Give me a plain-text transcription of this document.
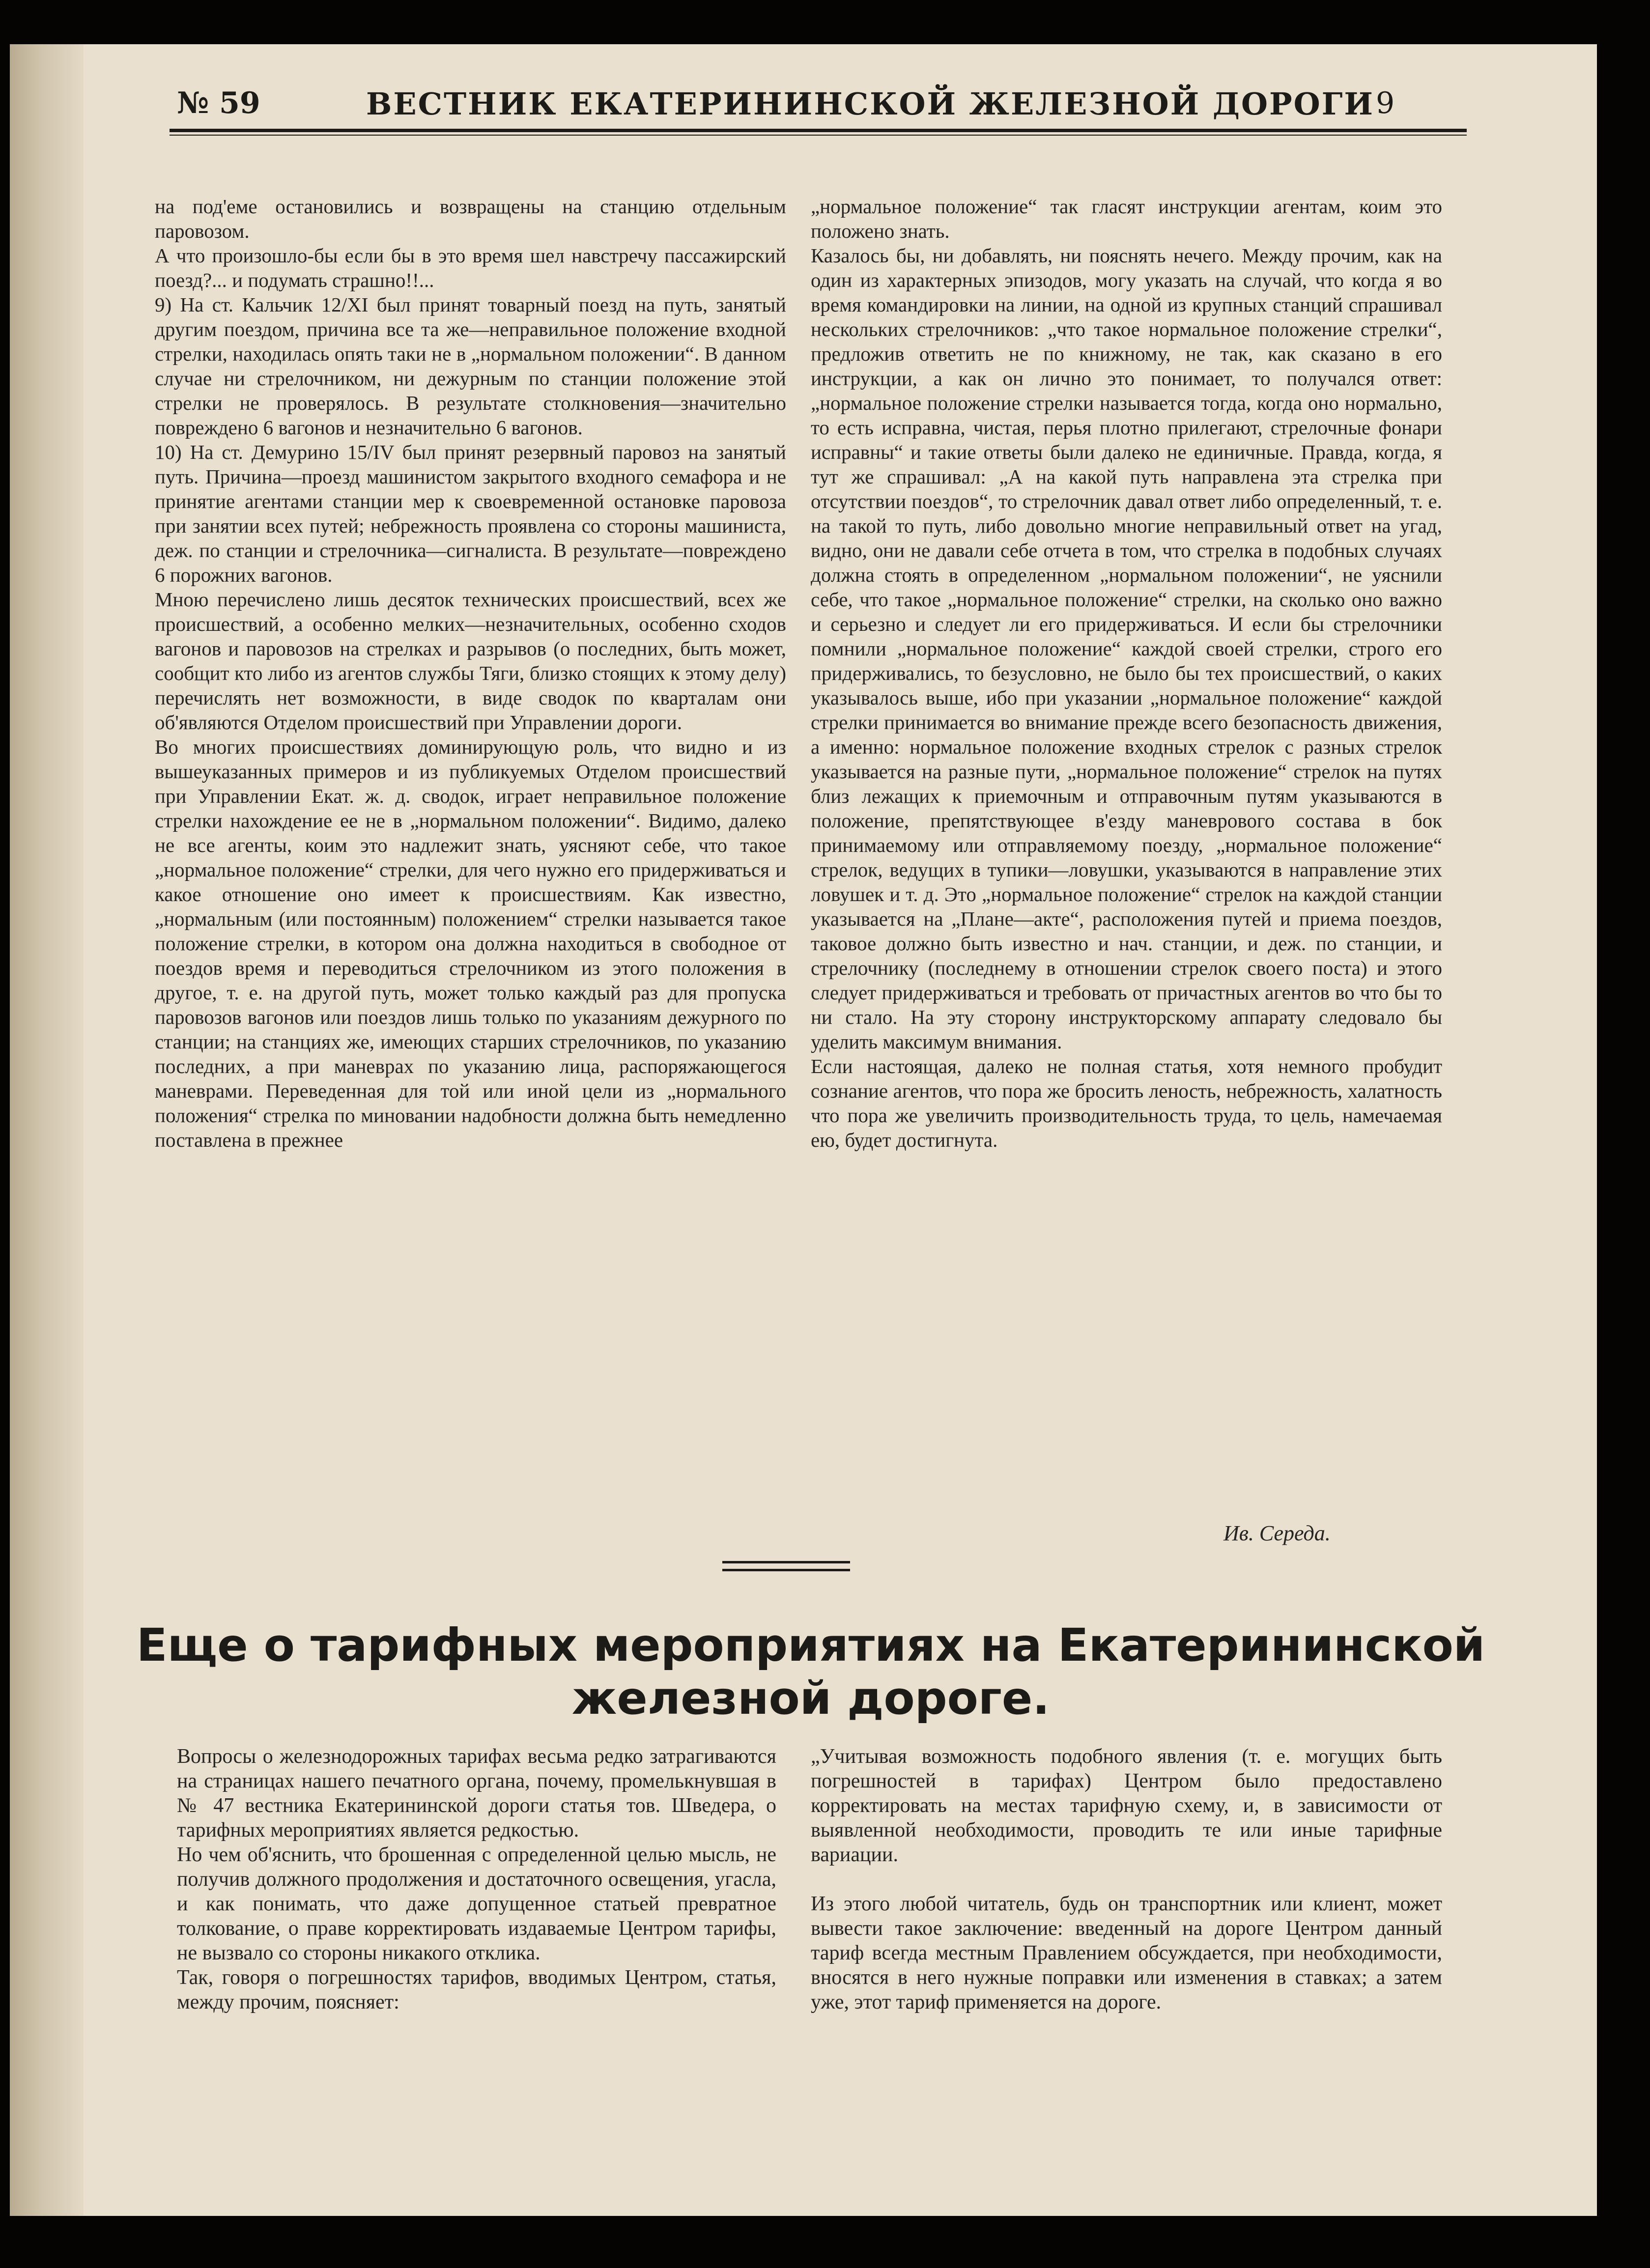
№ 59	ВЕСТНИК ЕКАТЕРИНИНСКОЙ ЖЕЛЕЗНОЙ ДОРОГИ 9
на под'еме остановились и возвращены на станцию отдельным паровозом.
А что произошло-бы если бы в это время шел навстречу пассажирский поезд?... и подумать страшно!!...
9) На ст. Кальчик 12/XI был принят товарный поезд на путь, занятый другим поездом, причина все та же—неправильное положение входной стрелки, находилась опять таки не в „нормальном положении“. В данном случае ни стрелочником, ни дежурным по станции положение этой стрелки не проверялось. В результате столкновения—значительно повреждено 6 вагонов и незначительно 6 вагонов.
10) На ст. Демурино 15/IV был принят резервный паровоз на занятый путь. Причина—проезд машинистом закрытого входного семафора и не принятие агентами станции мер к своевременной остановке паровоза при занятии всех путей; небрежность проявлена со стороны машиниста, деж. по станции и стрелочника—сигналиста. В результате—повреждено 6 порожних вагонов.
Мною перечислено лишь десяток технических происшествий, всех же происшествий, а особенно мелких—незначительных, особенно сходов вагонов и паровозов на стрелках и разрывов (о последних, быть может, сообщит кто либо из агентов службы Тяги, близко стоящих к этому делу) перечислять нет возможности, в виде сводок по кварталам они об'являются Отделом происшествий при Управлении дороги.
Во многих происшествиях доминирующую роль, что видно и из вышеуказанных примеров и из публикуемых Отделом происшествий при Управлении Екат. ж. д. сводок, играет неправильное положение стрелки нахождение ее не в „нормальном положении“. Видимо, далеко не все агенты, коим это надлежит знать, уясняют себе, что такое „нормальное положение“ стрелки, для чего нужно его придерживаться и какое отношение оно имеет к происшествиям. Как известно, „нормальным (или постоянным) положением“ стрелки называется такое положение стрелки, в котором она должна находиться в свободное от поездов время и переводиться стрелочником из этого положения в другое, т. е. на другой путь, может только каждый раз для пропуска паровозов вагонов или поездов лишь только по указаниям дежурного по станции; на станциях же, имеющих старших стрелочников, по указанию последних, а при маневрах по указанию лица, распоряжающегося маневрами. Переведенная для той или иной цели из „нормального положения“ стрелка по миновании надобности должна быть немедленно поставлена в прежнее
„нормальное положение“ так гласят инструкции агентам, коим это положено знать.
Казалось бы, ни добавлять, ни пояснять нечего. Между прочим, как на один из характерных эпизодов, могу указать на случай, что когда я во время командировки на линии, на одной из крупных станций спрашивал нескольких стрелочников: „что такое нормальное положение стрелки“, предложив ответить не по книжному, не так, как сказано в его инструкции, а как он лично это понимает, то получался ответ: „нормальное положение стрелки называется тогда, когда оно нормально, то есть исправна, чистая, перья плотно прилегают, стрелочные фонари исправны“ и такие ответы были далеко не единичные. Правда, когда, я тут же спрашивал: „А на какой путь направлена эта стрелка при отсутствии поездов“, то стрелочник давал ответ либо определенный, т. е. на такой то путь, либо довольно многие неправильный ответ на угад, видно, они не давали себе отчета в том, что стрелка в подобных случаях должна стоять в определенном „нормальном положении“, не уяснили себе, что такое „нормальное положение“ стрелки, на сколько оно важно и серьезно и следует ли его придерживаться. И если бы стрелочники помнили „нормальное положение“ каждой своей стрелки, строго его придерживались, то безусловно, не было бы тех происшествий, о каких указывалось выше, ибо при указании „нормальное положение“ каждой стрелки принимается во внимание прежде всего безопасность движения, а именно: нормальное положение входных стрелок с разных стрелок указывается на разные пути, „нормальное положение“ стрелок на путях близ лежащих к приемочным и отправочным путям указываются в положение, препятствующее в'езду маневрового состава в бок принимаемому или отправляемому поезду, „нормальное положение“ стрелок, ведущих в тупики—ловушки, указываются в направление этих ловушек и т. д. Это „нормальное положение“ стрелок на каждой станции указывается на „Плане—акте“, расположения путей и приема поездов, таковое должно быть известно и нач. станции, и деж. по станции, и стрелочнику (последнему в отношении стрелок своего поста) и этого следует придерживаться и требовать от причастных агентов во что бы то ни стало. На эту сторону инструкторскому аппарату следовало бы уделить максимум внимания.
Если настоящая, далеко не полная статья, хотя немного пробудит сознание агентов, что пора же бросить леность, небрежность, халатность что пора же увеличить производительность труда, то цель, намечаемая ею, будет достигнута.
Ив. Середа.
Еще о тарифных мероприятиях на Екатерининской
железной дороге.
Вопросы о железнодорожных тарифах весьма редко затрагиваются на страницах нашего печатного органа, почему, промелькнувшая в № 47 вестника Екатерининской дороги статья тов. Шведера, о тарифных мероприятиях является редкостью.
Но чем об'яснить, что брошенная с определенной целью мысль, не получив должного продолжения и достаточного освещения, угасла, и как понимать, что даже допущенное статьей превратное толкование, о праве корректировать издаваемые Центром тарифы, не вызвало со стороны никакого отклика.
Так, говоря о погрешностях тарифов, вводимых Центром, статья, между прочим, поясняет:
„Учитывая возможность подобного явления (т. е. могущих быть погрешностей в тарифах) Центром было предоставлено корректировать на местах тарифную схему, и, в зависимости от выявленной необходимости, проводить те или иные тарифные вариации.

Из этого любой читатель, будь он транспортник или клиент, может вывести такое заключение: введенный на дороге Центром данный тариф всегда местным Правлением обсуждается, при необходимости, вносятся в него нужные поправки или изменения в ставках; а затем уже, этот тариф применяется на дороге.
